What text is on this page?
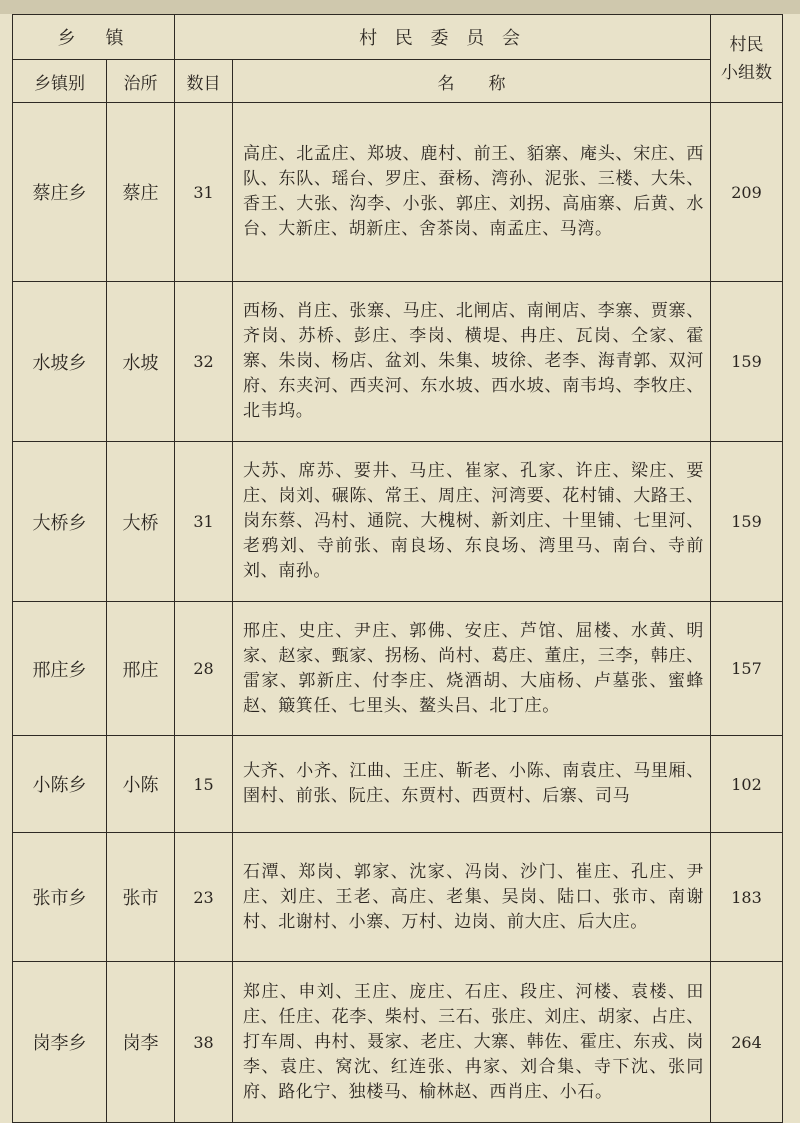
乡　镇		村 民 委 员 会		村民
小组数

乡镇别	治所	数目	名　　称	
蔡庄乡	蔡庄	31	高庄、北孟庄、郑坡、鹿村、前王、貊寨、庵头、宋庄、西队、东队、瑶台、罗庄、蚕杨、湾孙、泥张、三楼、大朱、香王、大张、沟李、小张、郭庄、刘拐、高庙寨、后黄、水台、大新庄、胡新庄、舍茶岗、南孟庄、马湾。	209
水坡乡	水坡	32	西杨、肖庄、张寨、马庄、北闸店、南闸店、李寨、贾寨、齐岗、苏桥、彭庄、李岗、横堤、冉庄、瓦岗、仝家、霍寨、朱岗、杨店、盆刘、朱集、坡徐、老李、海青郭、双河府、东夹河、西夹河、东水坡、西水坡、南韦坞、李牧庄、北韦坞。	159
大桥乡	大桥	31	大苏、席苏、要井、马庄、崔家、孔家、许庄、梁庄、要庄、岗刘、碾陈、常王、周庄、河湾要、花村铺、大路王、岗东蔡、冯村、通院、大槐树、新刘庄、十里铺、七里河、老鸦刘、寺前张、南良场、东良场、湾里马、南台、寺前刘、南孙。	159
邢庄乡	邢庄	28	邢庄、史庄、尹庄、郭佛、安庄、芦馆、屈楼、水黄、明家、赵家、甄家、拐杨、尚村、葛庄、董庄，三李，韩庄、雷家、郭新庄、付李庄、烧酒胡、大庙杨、卢墓张、蜜蜂赵、簸箕任、七里头、鳌头吕、北丁庄。	157
小陈乡	小陈	15	大齐、小齐、江曲、王庄、靳老、小陈、南袁庄、马里厢、圉村、前张、阮庄、东贾村、西贾村、后寨、司马	102
张市乡	张市	23	石潭、郑岗、郭家、沈家、冯岗、沙门、崔庄、孔庄、尹庄、刘庄、王老、高庄、老集、吴岗、陆口、张市、南谢村、北谢村、小寨、万村、边岗、前大庄、后大庄。	183
岗李乡	岗李	38	郑庄、申刘、王庄、庞庄、石庄、段庄、河楼、袁楼、田庄、任庄、花李、柴村、三石、张庄、刘庄、胡家、占庄、打车周、冉村、聂家、老庄、大寨、韩佐、霍庄、东戎、岗李、袁庄、窝沈、红连张、冉家、刘合集、寺下沈、张同府、路化宁、独楼马、榆林赵、西肖庄、小石。	264
